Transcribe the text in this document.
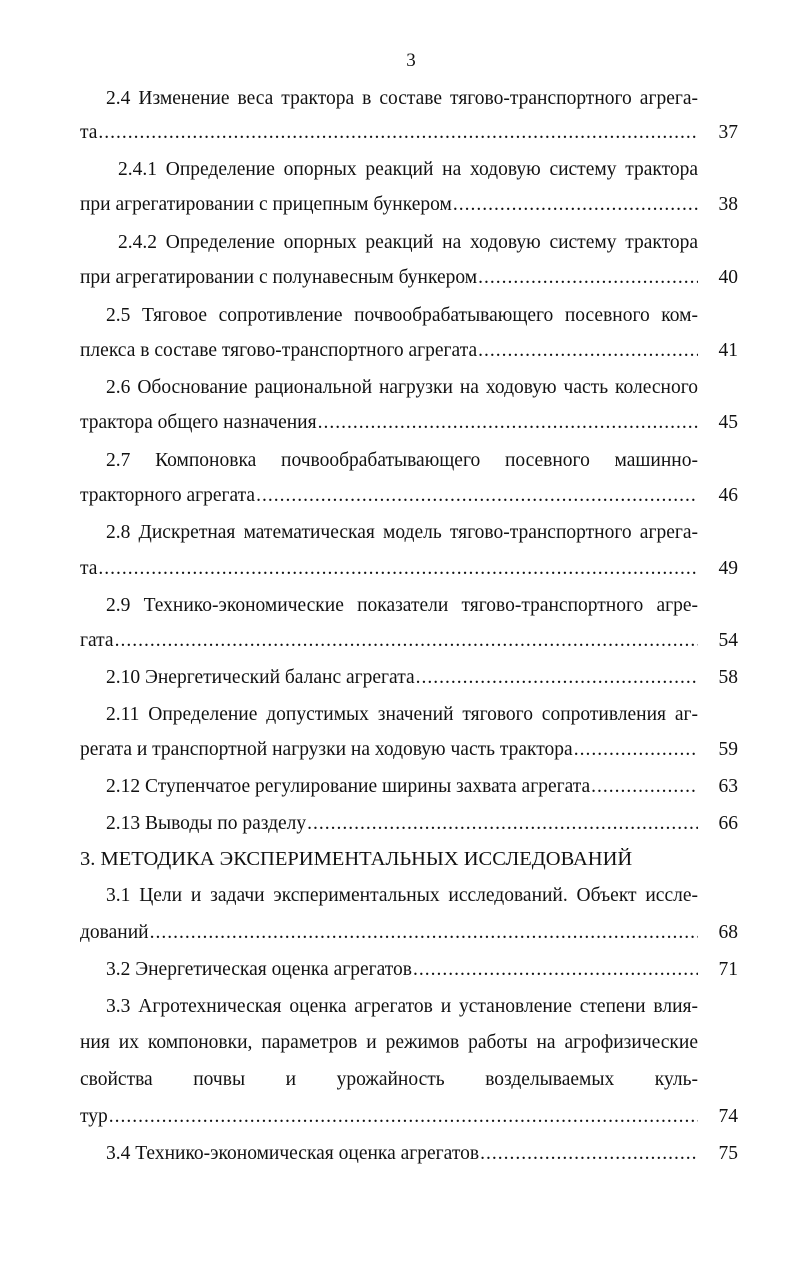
3
2.4 Изменение веса трактора в составе тягово-транспортного агрега-
та .....	37
2.4.1 Определение опорных реакций на ходовую систему трактора
при агрегатировании с прицепным бункером .....	38
2.4.2 Определение опорных реакций на ходовую систему трактора
при агрегатировании с полунавесным бункером .....	40
2.5 Тяговое сопротивление почвообрабатывающего посевного ком-
плекса в составе тягово-транспортного агрегата .....	41
2.6 Обоснование рациональной нагрузки на ходовую часть колесного
трактора общего назначения .....	45
2.7 Компоновка почвообрабатывающего посевного машинно-
тракторного агрегата .....	46
2.8 Дискретная математическая модель тягово-транспортного агрега-
та .....	49
2.9 Технико-экономические показатели тягово-транспортного агре-
гата .....	54
2.10 Энергетический баланс агрегата .....	58
2.11 Определение допустимых значений тягового сопротивления аг-
регата и транспортной нагрузки на ходовую часть трактора .....	59
2.12 Ступенчатое регулирование ширины захвата агрегата .....	63
2.13 Выводы по разделу .....	66
3. МЕТОДИКА ЭКСПЕРИМЕНТАЛЬНЫХ ИССЛЕДОВАНИЙ
3.1 Цели и задачи экспериментальных исследований. Объект иссле-
дований .....	68
3.2 Энергетическая оценка агрегатов .....	71
3.3 Агротехническая оценка агрегатов и установление степени влия-
ния их компоновки, параметров и режимов работы на агрофизические
свойства почвы и урожайность возделываемых куль-
тур .....	74
3.4 Технико-экономическая оценка агрегатов .....	75
